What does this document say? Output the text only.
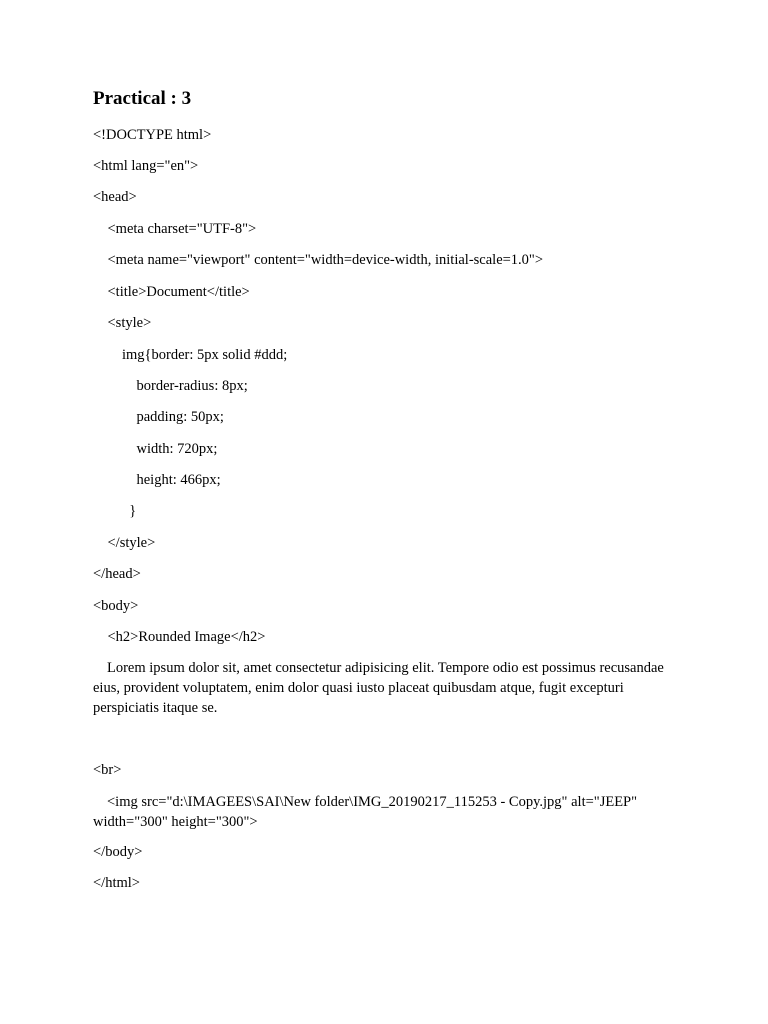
Practical : 3

<!DOCTYPE html>

<html lang="en">

<head>

<meta charset="UTF-8">

<meta name="viewport" content="width=device-width, initial-scale=1.0">

<title>Document</title>

<style>

img{border: 5px solid #ddd;

border-radius: 8px;

padding: 50px;

width: 720px;

height: 466px;

}

</style>

</head>

<body>

<h2>Rounded Image</h2>

Lorem ipsum dolor sit, amet consectetur adipisicing elit. Tempore odio est possimus recusandae eius, provident voluptatem, enim dolor quasi iusto placeat quibusdam atque, fugit excepturi perspiciatis itaque se.

<br>

<img src="d:\IMAGEES\SAI\New folder\IMG_20190217_115253 - Copy.jpg" alt="JEEP" width="300" height="300">

</body>

</html>
